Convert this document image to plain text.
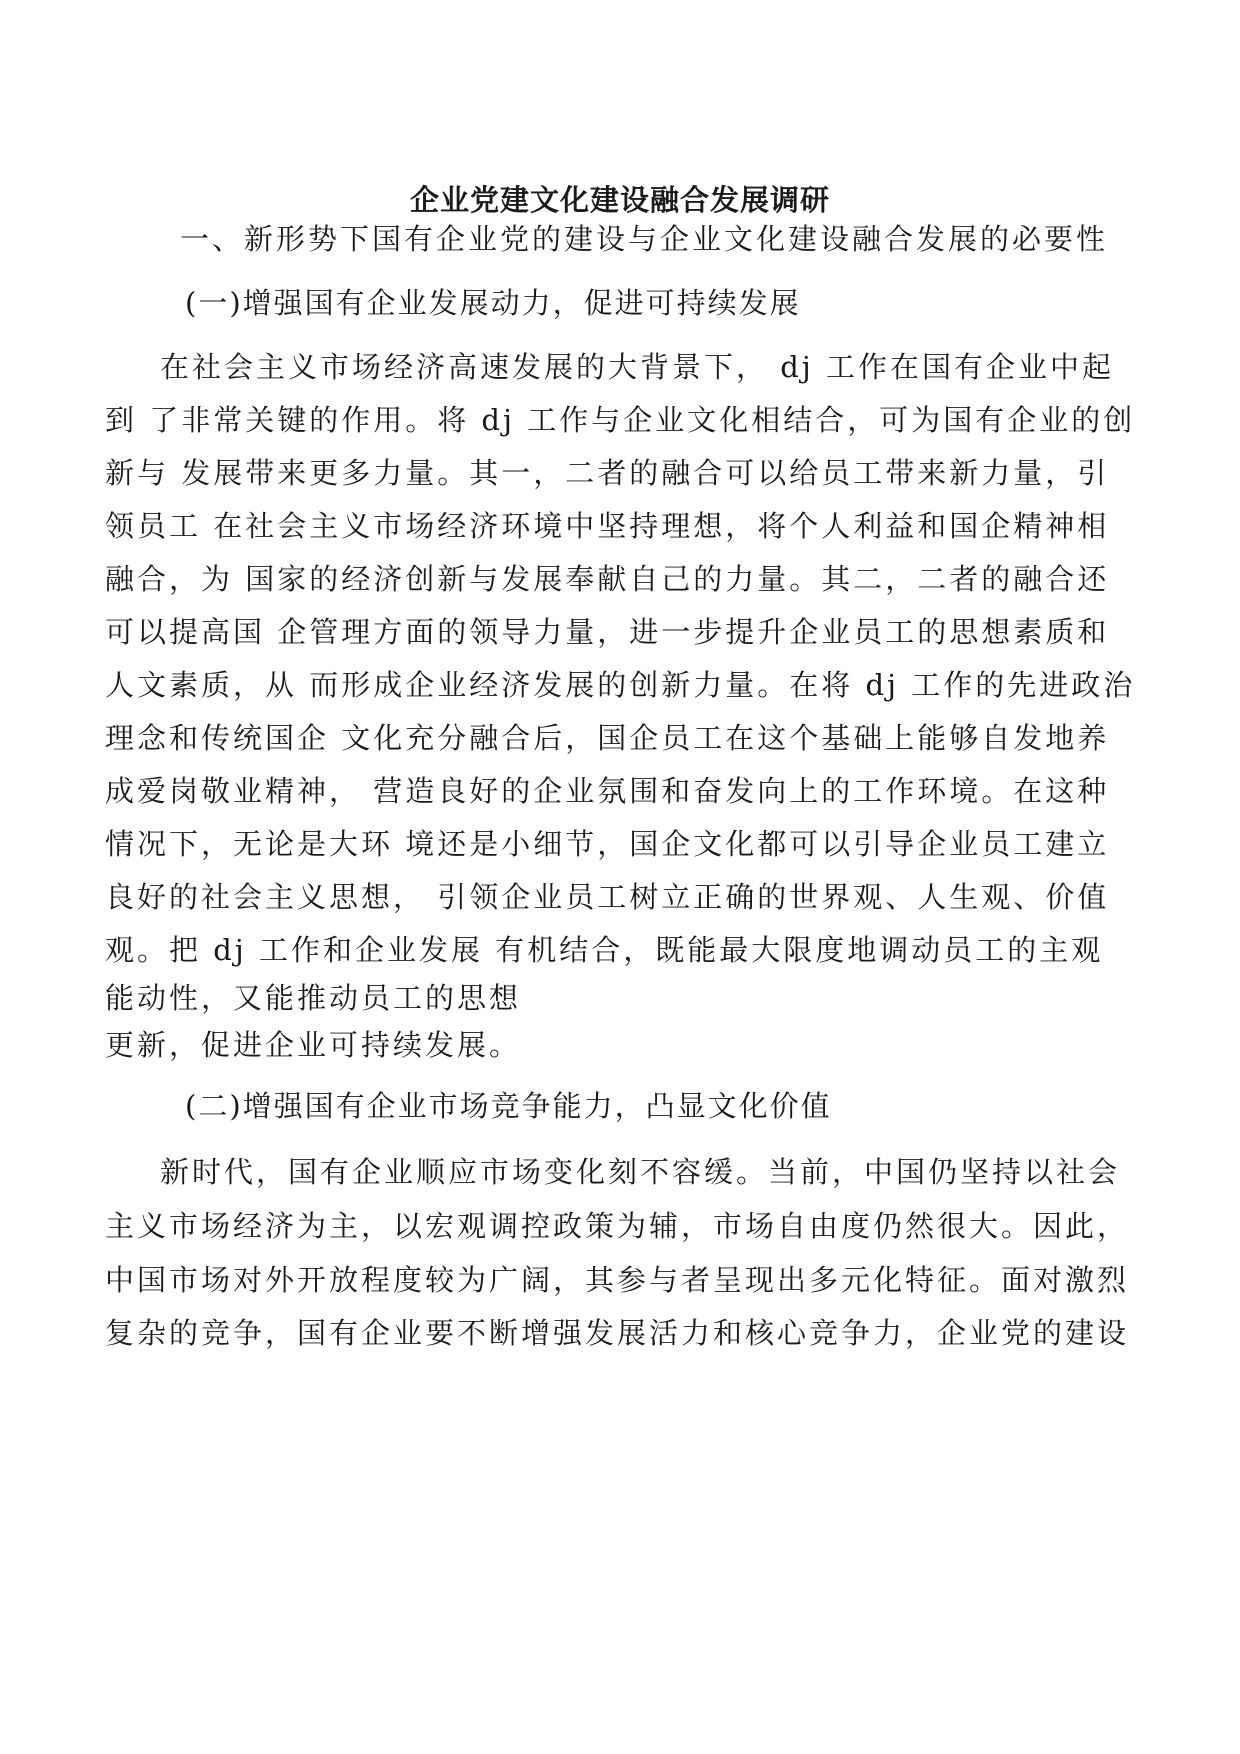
企业党建文化建设融合发展调研
一、新形势下国有企业党的建设与企业文化建设融合发展的必要性
(一)增强国有企业发展动力，促进可持续发展
在社会主义市场经济高速发展的大背景下， dj 工作在国有企业中起
到 了非常关键的作用。将 dj 工作与企业文化相结合，可为国有企业的创
新与 发展带来更多力量。其一，二者的融合可以给员工带来新力量，引
领员工 在社会主义市场经济环境中坚持理想，将个人利益和国企精神相
融合，为 国家的经济创新与发展奉献自己的力量。其二，二者的融合还
可以提高国 企管理方面的领导力量，进一步提升企业员工的思想素质和
人文素质，从 而形成企业经济发展的创新力量。在将 dj 工作的先进政治
理念和传统国企 文化充分融合后，国企员工在这个基础上能够自发地养
成爱岗敬业精神， 营造良好的企业氛围和奋发向上的工作环境。在这种
情况下，无论是大环 境还是小细节，国企文化都可以引导企业员工建立
良好的社会主义思想， 引领企业员工树立正确的世界观、人生观、价值
观。把 dj 工作和企业发展 有机结合，既能最大限度地调动员工的主观
能动性，又能推动员工的思想
更新，促进企业可持续发展。
(二)增强国有企业市场竞争能力，凸显文化价值
新时代，国有企业顺应市场变化刻不容缓。当前，中国仍坚持以社会
主义市场经济为主，以宏观调控政策为辅，市场自由度仍然很大。因此，
中国市场对外开放程度较为广阔，其参与者呈现出多元化特征。面对激烈
复杂的竞争，国有企业要不断增强发展活力和核心竞争力，企业党的建设
